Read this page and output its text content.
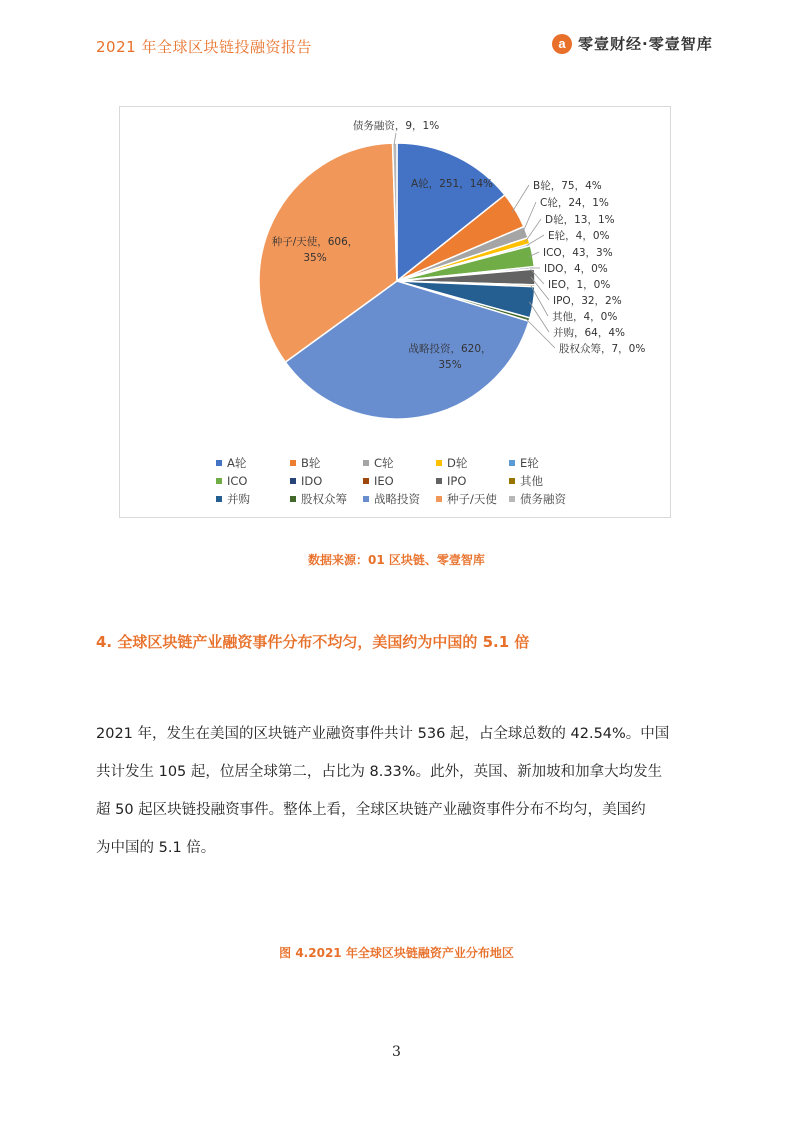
2021 年全球区块链投融资报告	a 零壹财经·零壹智库
A轮，251，14%
战略投资，620，
35%
种子/天使，606，
35%
债务融资，9，1%
B轮，75，4%
C轮，24，1%
D轮，13，1%
E轮，4，0%
ICO，43，3%
IDO，4，0%
IEO，1，0%
IPO，32，2%
其他，4，0%
并购，64，4%
股权众筹，7，0%
A轮	B轮	C轮	D轮	E轮
ICO	IDO	IEO	IPO	其他
并购	股权众筹 战略投资 种子/天使 债务融资
数据来源：01 区块链、零壹智库
4. 全球区块链产业融资事件分布不均匀，美国约为中国的 5.1 倍
2021 年，发生在美国的区块链产业融资事件共计 536 起，占全球总数的 42.54%。中国
共计发生 105 起，位居全球第二，占比为 8.33%。此外，英国、新加坡和加拿大均发生
超 50 起区块链投融资事件。整体上看，全球区块链产业融资事件分布不均匀，美国约
为中国的 5.1 倍。
图 4.2021 年全球区块链融资产业分布地区
3
